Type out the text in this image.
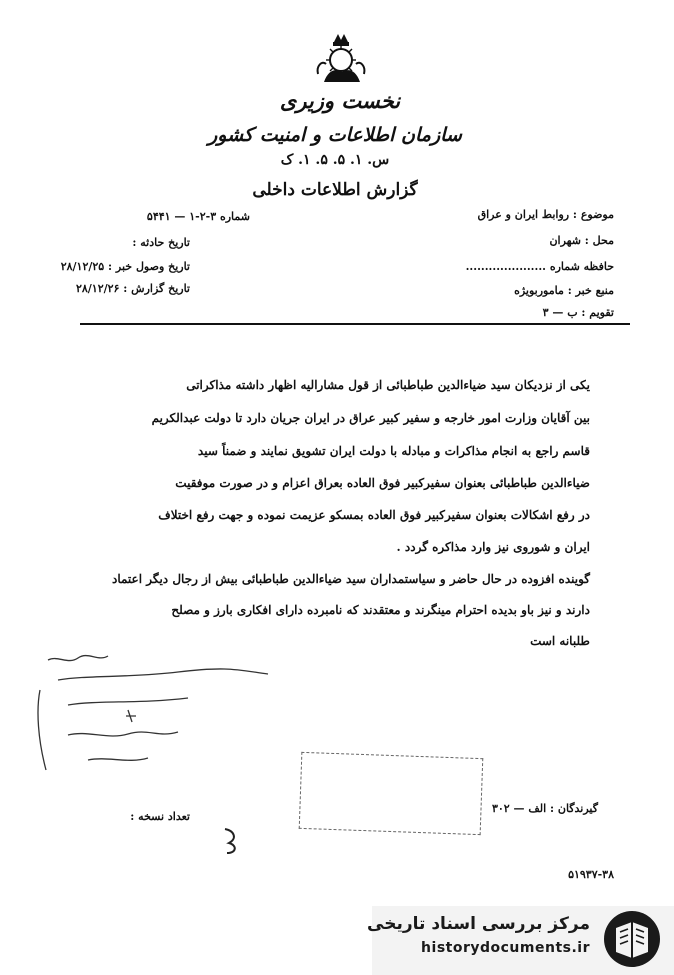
نخست وزیری
سازمان اطلاعات و امنیت کشور
س. ۱. ۵. ۵. ۱. ک
گزارش اطلاعات داخلی
موضوع : روابط ایران و عراق
محل : شهران
حافظه شماره .....................
منبع خبر : ماموربویژه
تقویم : ب — ۳
شماره ۳-۲-۱ — ۵۴۴۱
تاریخ حادثه :
تاریخ وصول خبر : ۲۸/۱۲/۲۵
تاریخ گزارش : ۲۸/۱۲/۲۶
یکی از نزدیکان سید ضیاءالدین طباطبائی از قول مشارالیه اظهار داشته مذاکراتی
بین آقایان وزارت امور خارجه و سفیر کبیر عراق در ایران جریان دارد تا دولت عبدالکریم
قاسم راجع به انجام مذاکرات و مبادله با دولت ایران تشویق نمایند و ضمناً سید
ضیاءالدین طباطبائی بعنوان سفیرکبیر فوق العاده بعراق اعزام و در صورت موفقیت
در رفع اشکالات بعنوان سفیرکبیر فوق العاده بمسکو عزیمت نموده و جهت رفع اختلاف
ایران و شوروی نیز وارد مذاکره گردد .
گوینده افزوده در حال حاضر و سیاستمداران سید ضیاءالدین طباطبائی بیش از رجال دیگر اعتماد
دارند و نیز باو بدیده احترام مینگرند و معتقدند که نامبرده دارای افکاری بارز و مصلح
طلبانه است
گیرندگان : الف — ۳۰۲
تعداد نسخه :
۵۱۹۳۷-۳۸
مرکز بررسی اسناد تاریخی
historydocuments.ir
